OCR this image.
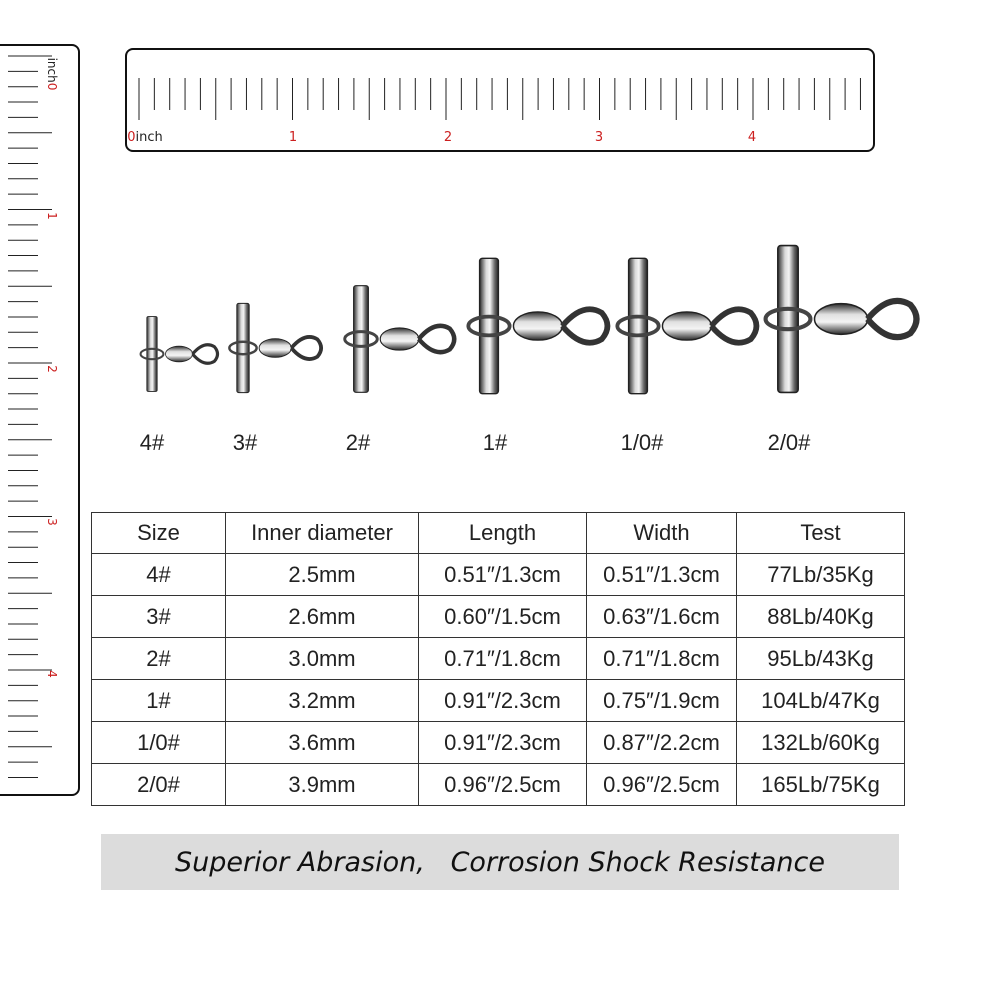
0inch	1	2	3	4
inch0
1
2
3
4
4#	3#	2#	1#	1/0#	2/0#
Size	Inner diameter	Length	Width	Test
4#	2.5mm	0.51″/1.3cm	0.51″/1.3cm	77Lb/35Kg
3#	2.6mm	0.60″/1.5cm	0.63″/1.6cm	88Lb/40Kg
2#	3.0mm	0.71″/1.8cm	0.71″/1.8cm	95Lb/43Kg
1#	3.2mm	0.91″/2.3cm	0.75″/1.9cm	104Lb/47Kg
1/0#	3.6mm	0.91″/2.3cm	0.87″/2.2cm	132Lb/60Kg
2/0#	3.9mm	0.96″/2.5cm	0.96″/2.5cm	165Lb/75Kg
Superior Abrasion,   Corrosion Shock Resistance
